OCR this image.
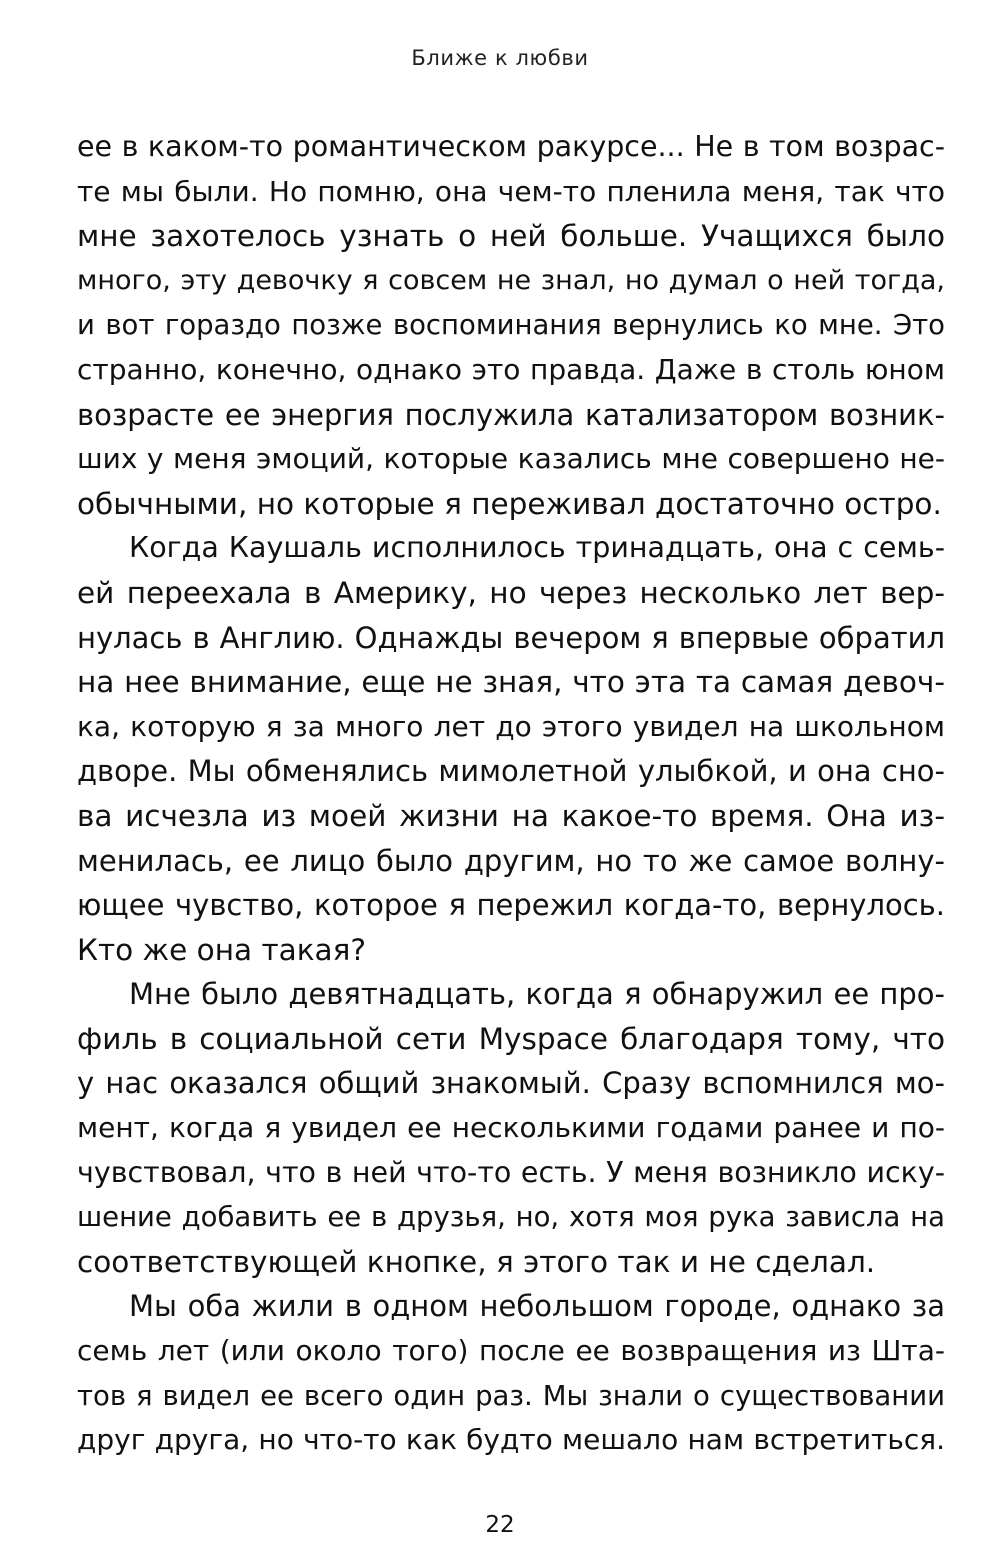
Ближе к любви
ее в каком-то романтическом ракурсе... Не в том возрас-
те мы были. Но помню, она чем-то пленила меня, так что
мне захотелось узнать о ней больше. Учащихся было
много, эту девочку я совсем не знал, но думал о ней тогда,
и вот гораздо позже воспоминания вернулись ко мне. Это
странно, конечно, однако это правда. Даже в столь юном
возрасте ее энергия послужила катализатором возник-
ших у меня эмоций, которые казались мне совершено не-
обычными, но которые я переживал достаточно остро.
Когда Каушаль исполнилось тринадцать, она с семь-
ей переехала в Америку, но через несколько лет вер-
нулась в Англию. Однажды вечером я впервые обратил
на нее внимание, еще не зная, что эта та самая девоч-
ка, которую я за много лет до этого увидел на школьном
дворе. Мы обменялись мимолетной улыбкой, и она сно-
ва исчезла из моей жизни на какое-то время. Она из-
менилась, ее лицо было другим, но то же самое волну-
ющее чувство, которое я пережил когда-то, вернулось.
Кто же она такая?
Мне было девятнадцать, когда я обнаружил ее про-
филь в социальной сети Myspace благодаря тому, что
у нас оказался общий знакомый. Сразу вспомнился мо-
мент, когда я увидел ее несколькими годами ранее и по-
чувствовал, что в ней что-то есть. У меня возникло иску-
шение добавить ее в друзья, но, хотя моя рука зависла на
соответствующей кнопке, я этого так и не сделал.
Мы оба жили в одном небольшом городе, однако за
семь лет (или около того) после ее возвращения из Шта-
тов я видел ее всего один раз. Мы знали о существовании
друг друга, но что-то как будто мешало нам встретиться.
22
